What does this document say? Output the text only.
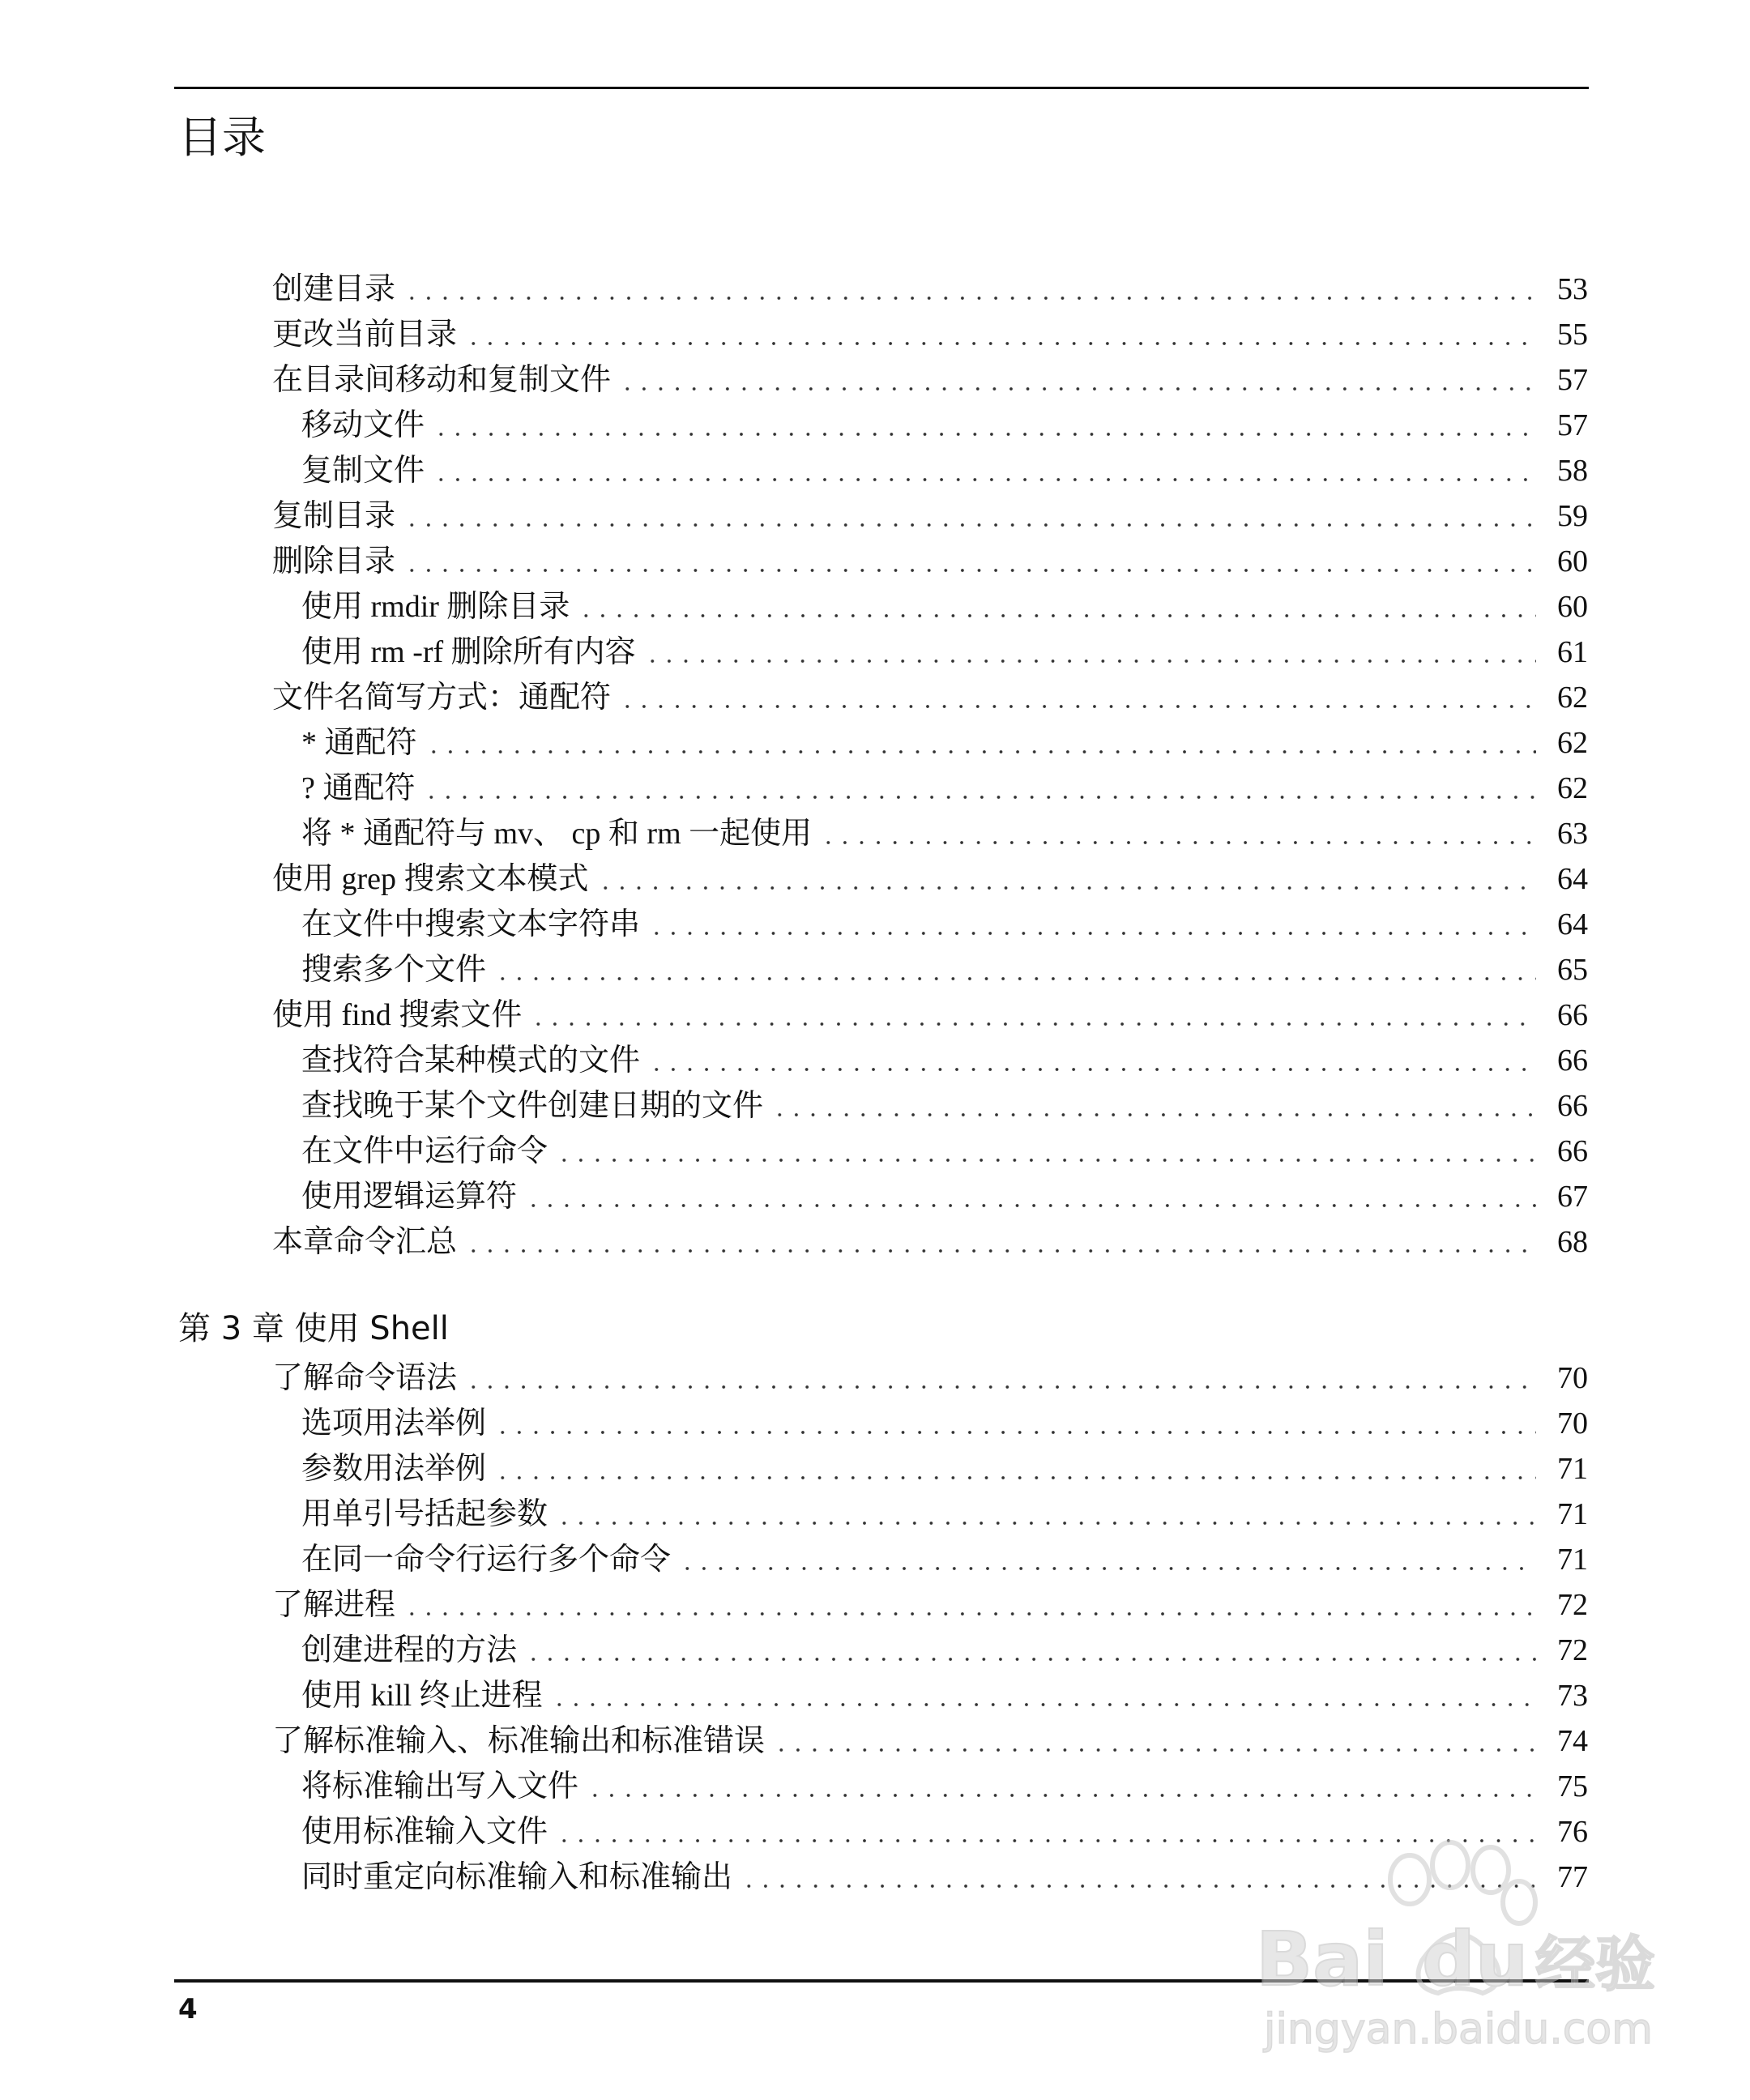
目录
创建目录	53
更改当前目录	55
在目录间移动和复制文件	57
移动文件	57
复制文件	58
复制目录	59
删除目录	60
使用 rmdir 删除目录	60
使用 rm -rf 删除所有内容	61
文件名简写方式：通配符	62
* 通配符	62
? 通配符	62
将 * 通配符与 mv、 cp 和 rm 一起使用	63
使用 grep 搜索文本模式	64
在文件中搜索文本字符串	64
搜索多个文件	65
使用 find 搜索文件	66
查找符合某种模式的文件	66
查找晚于某个文件创建日期的文件	66
在文件中运行命令	66
使用逻辑运算符	67
本章命令汇总	68
第 3 章 使用 Shell
了解命令语法	70
选项用法举例	70
参数用法举例	71
用单引号括起参数	71
在同一命令行运行多个命令	71
了解进程	72
创建进程的方法	72
使用 kill 终止进程	73
了解标准输入、标准输出和标准错误	74
将标准输出写入文件	75
使用标准输入文件	76
同时重定向标准输入和标准输出	77
4
Bai du 经验
jingyan.baidu.com
